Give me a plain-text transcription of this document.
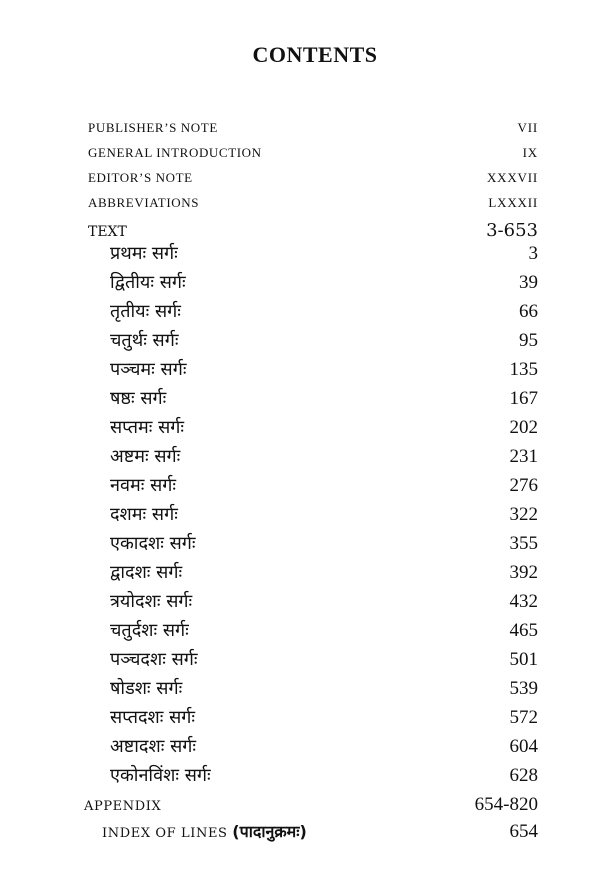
CONTENTS
PUBLISHER’S NOTE	VII
GENERAL INTRODUCTION	IX
EDITOR’S NOTE	XXXVII
ABBREVIATIONS	LXXXII
TEXT	3-653
प्रथमः सर्गः	3
द्वितीयः सर्गः	39
तृतीयः सर्गः	66
चतुर्थः सर्गः	95
पञ्चमः सर्गः	135
षष्ठः सर्गः	167
सप्तमः सर्गः	202
अष्टमः सर्गः	231
नवमः सर्गः	276
दशमः सर्गः	322
एकादशः सर्गः	355
द्वादशः सर्गः	392
त्रयोदशः सर्गः	432
चतुर्दशः सर्गः	465
पञ्चदशः सर्गः	501
षोडशः सर्गः	539
सप्तदशः सर्गः	572
अष्टादशः सर्गः	604
एकोनविंशः सर्गः	628
APPENDIX	654-820
INDEX OF LINES (पादानुक्रमः)	654
